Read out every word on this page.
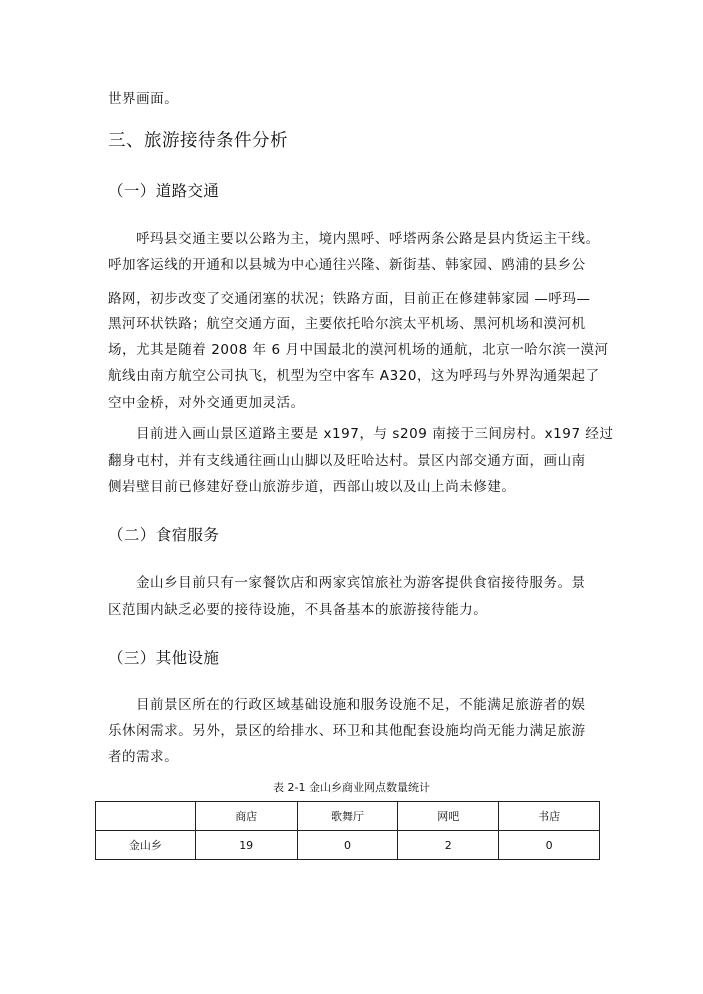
世界画面。
三、旅游接待条件分析
（一）道路交通
呼玛县交通主要以公路为主，境内黑呼、呼塔两条公路是县内货运主干线。
呼加客运线的开通和以县城为中心通往兴隆、新街基、韩家园、鸥浦的县乡公
路网，初步改变了交通闭塞的状况；铁路方面，目前正在修建韩家园 —呼玛—
黑河环状铁路；航空交通方面，主要依托哈尔滨太平机场、黑河机场和漠河机
场，尤其是随着 2008 年 6 月中国最北的漠河机场的通航，北京一哈尔滨一漠河
航线由南方航空公司执飞，机型为空中客车 A320，这为呼玛与外界沟通架起了
空中金桥，对外交通更加灵活。
目前进入画山景区道路主要是 x197，与 s209 南接于三间房村。x197 经过
翻身屯村，并有支线通往画山山脚以及旺哈达村。景区内部交通方面，画山南
侧岩壁目前已修建好登山旅游步道，西部山坡以及山上尚未修建。
（二）食宿服务
金山乡目前只有一家餐饮店和两家宾馆旅社为游客提供食宿接待服务。景
区范围内缺乏必要的接待设施，不具备基本的旅游接待能力。
（三）其他设施
目前景区所在的行政区域基础设施和服务设施不足，不能满足旅游者的娱
乐休闲需求。另外，景区的给排水、环卫和其他配套设施均尚无能力满足旅游
者的需求。
表 2-1 金山乡商业网点数量统计
	商店	歌舞厅	网吧	书店
金山乡	19	0	2	0
